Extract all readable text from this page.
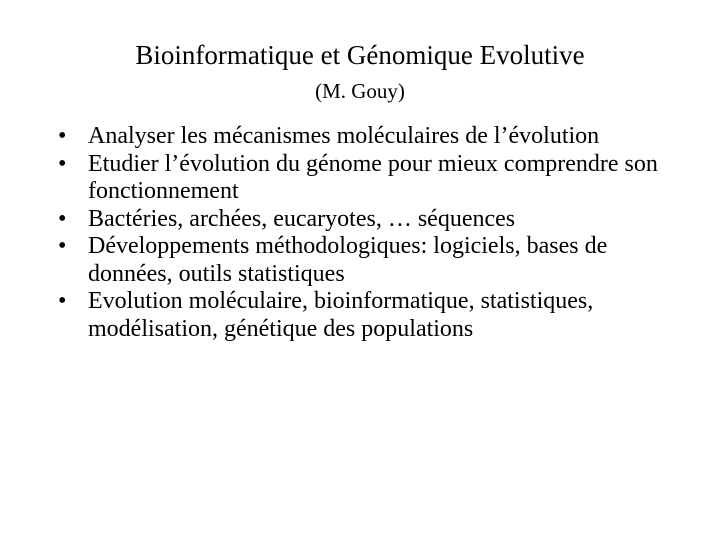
Bioinformatique et Génomique Evolutive
(M. Gouy)
• Analyser les mécanismes moléculaires de l’évolution
• Etudier l’évolution du génome pour mieux comprendre son fonctionnement
• Bactéries, archées, eucaryotes, … séquences
• Développements méthodologiques: logiciels, bases de données, outils statistiques
• Evolution moléculaire, bioinformatique, statistiques, modélisation, génétique des populations
